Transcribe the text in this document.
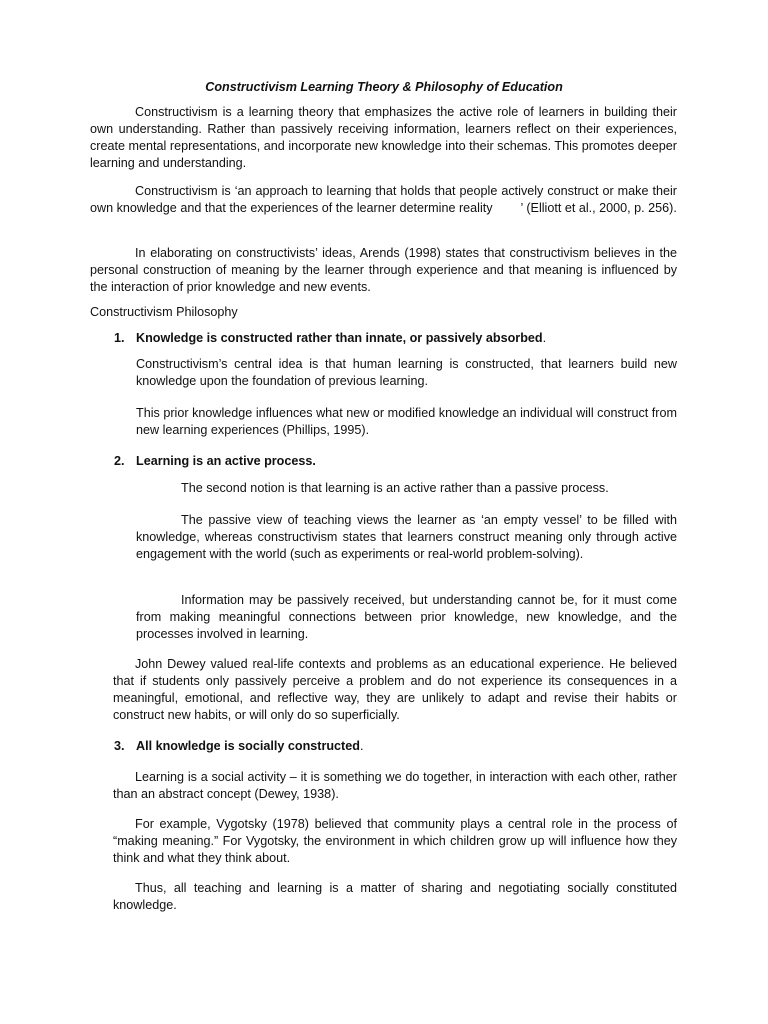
Constructivism Learning Theory & Philosophy of Education

Constructivism is a learning theory that emphasizes the active role of learners in building their own understanding. Rather than passively receiving information, learners reflect on their experiences, create mental representations, and incorporate new knowledge into their schemas. This promotes deeper learning and understanding.

Constructivism is ‘an approach to learning that holds that people actively construct or make their own knowledge and that the experiences of the learner determine reality        ’ (Elliott et al., 2000, p. 256).

In elaborating on constructivists’ ideas, Arends (1998) states that constructivism believes in the personal construction of meaning by the learner through experience and that meaning is influenced by the interaction of prior knowledge and new events.

Constructivism Philosophy
1. Knowledge is constructed rather than innate, or passively absorbed.

Constructivism’s central idea is that human learning is constructed, that learners build new knowledge upon the foundation of previous learning.

This prior knowledge influences what new or modified knowledge an individual will construct from new learning experiences (Phillips, 1995).

2. Learning is an active process.

The second notion is that learning is an active rather than a passive process.

The passive view of teaching views the learner as ‘an empty vessel’ to be filled with knowledge, whereas constructivism states that learners construct meaning only through active engagement with the world (such as experiments or real-world problem-solving).

Information may be passively received, but understanding cannot be, for it must come from making meaningful connections between prior knowledge, new knowledge, and the processes involved in learning.

John Dewey valued real-life contexts and problems as an educational experience. He believed that if students only passively perceive a problem and do not experience its consequences in a meaningful, emotional, and reflective way, they are unlikely to adapt and revise their habits or construct new habits, or will only do so superficially.

3. All knowledge is socially constructed.

Learning is a social activity – it is something we do together, in interaction with each other, rather than an abstract concept (Dewey, 1938).

For example, Vygotsky (1978) believed that community plays a central role in the process of “making meaning.” For Vygotsky, the environment in which children grow up will influence how they think and what they think about.

Thus, all teaching and learning is a matter of sharing and negotiating socially constituted knowledge.
